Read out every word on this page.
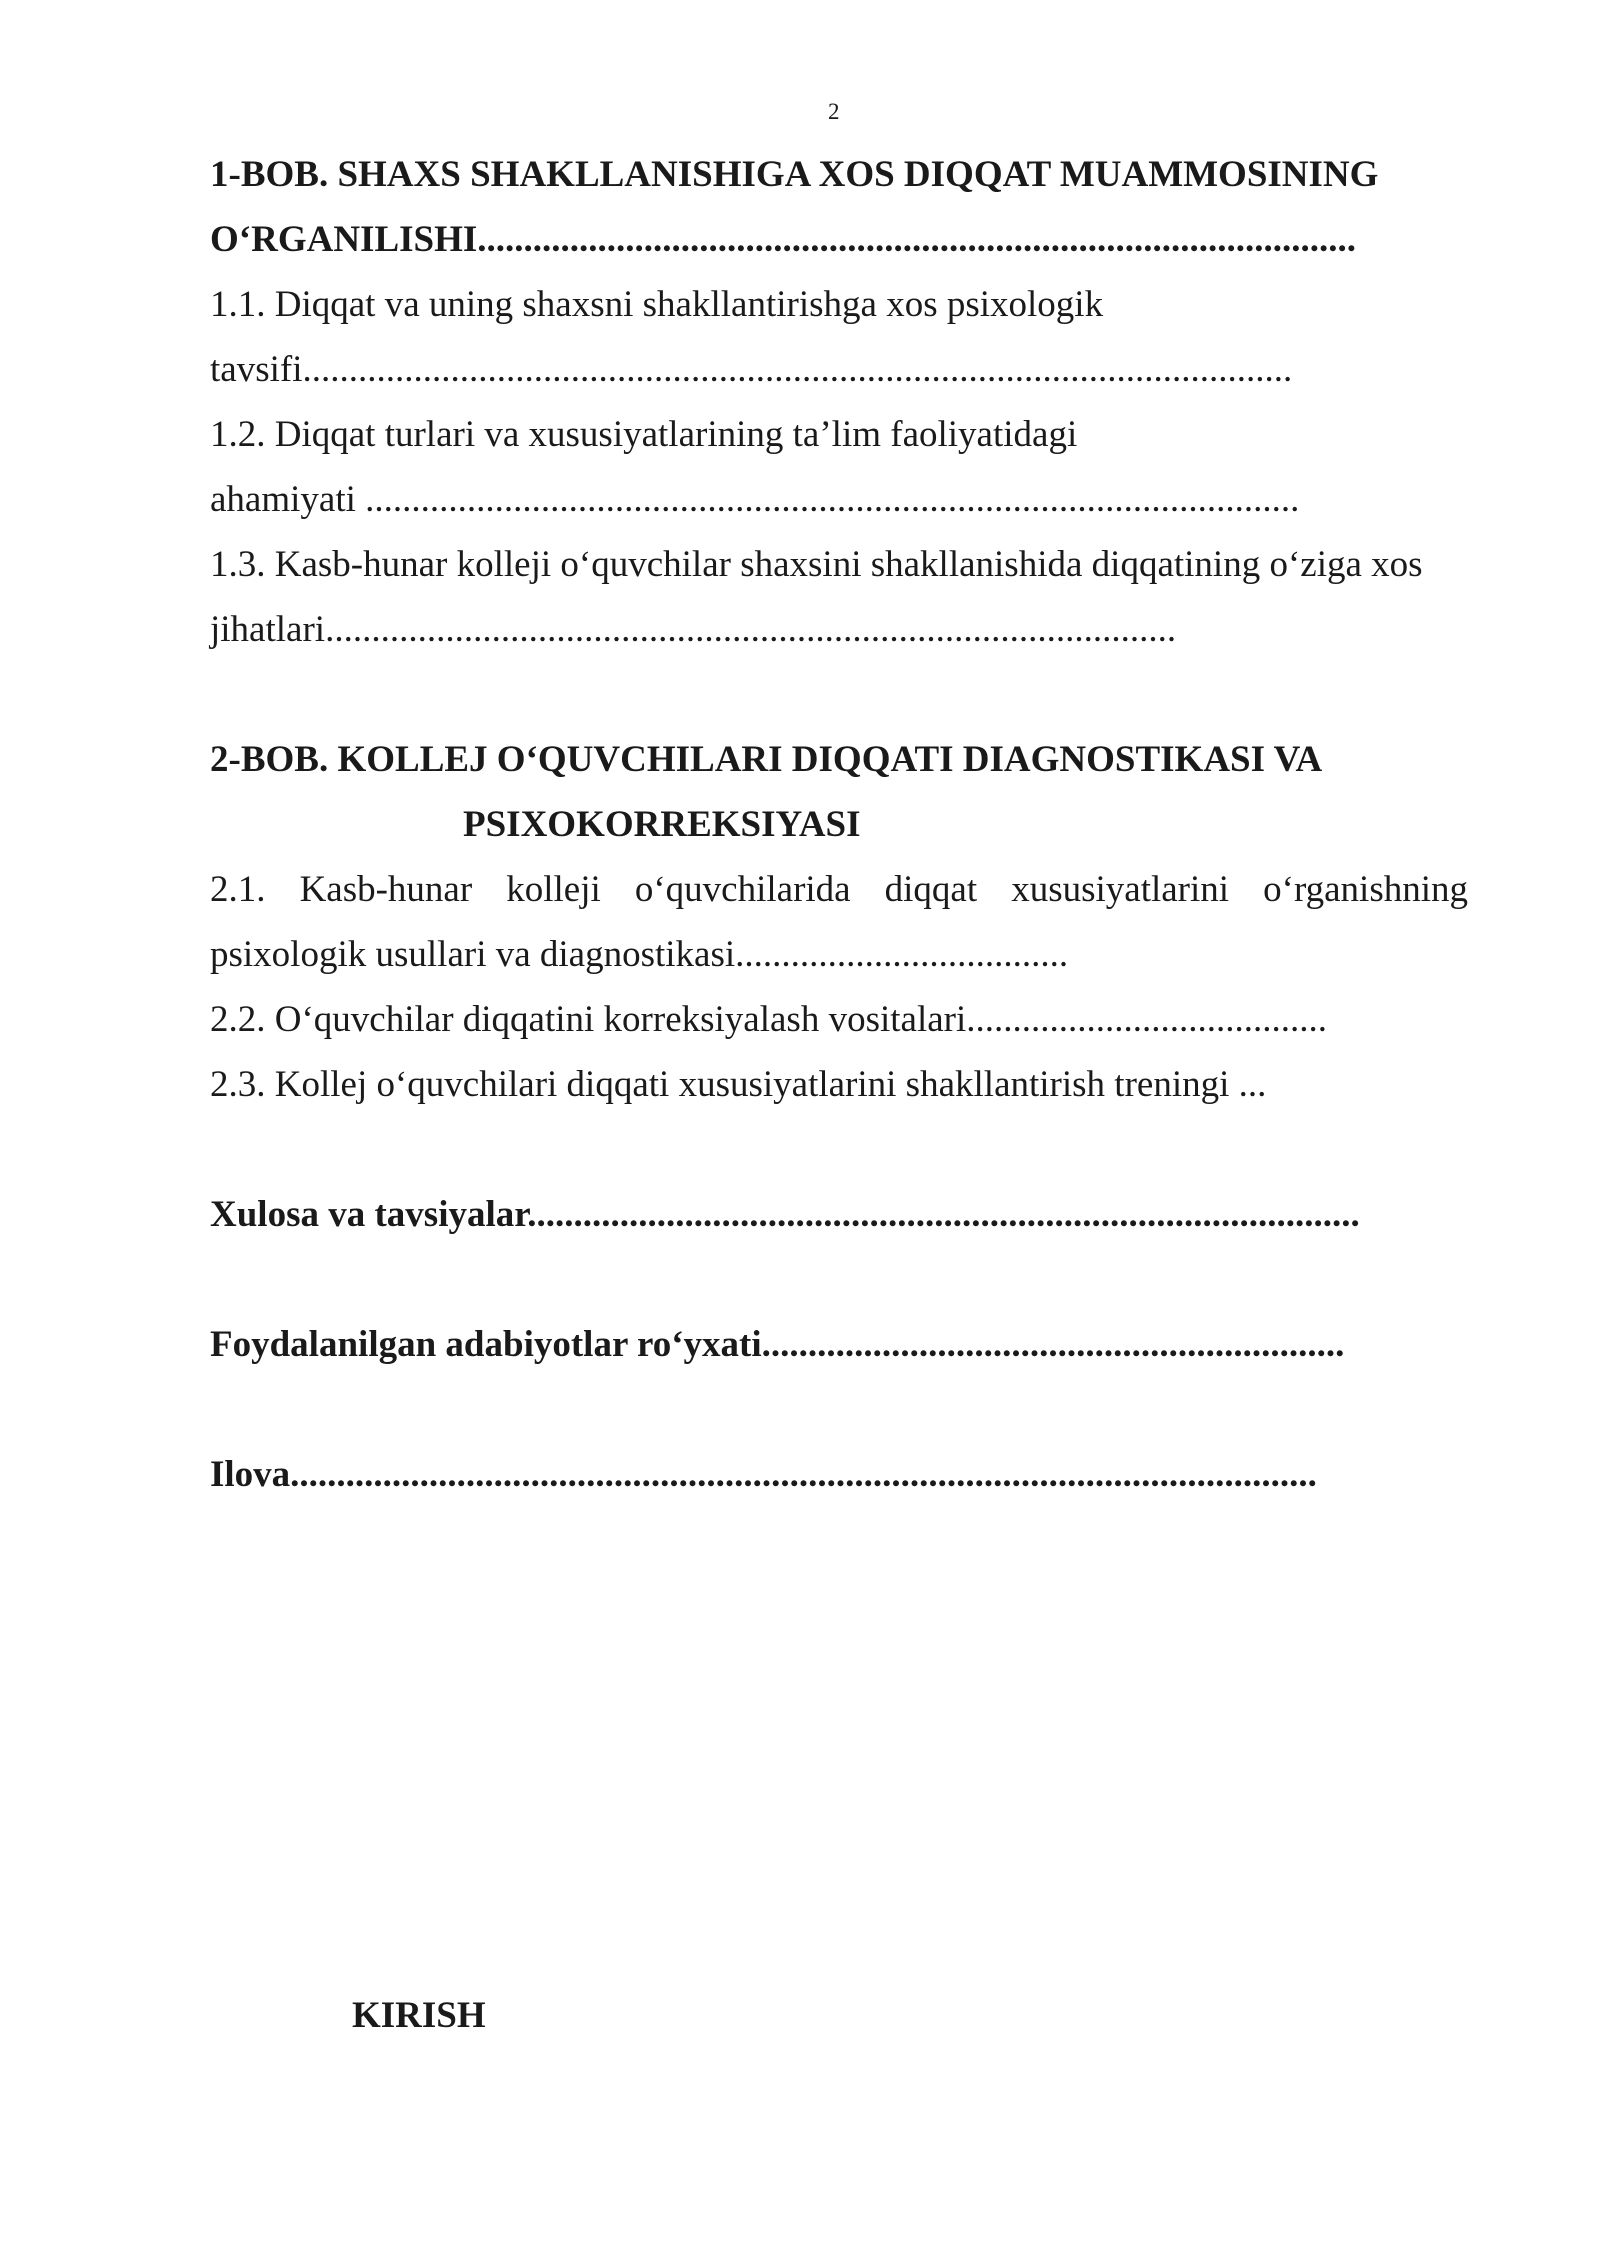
2
1-BOB. SHAXS SHAKLLANISHIGA XOS DIQQAT MUAMMOSINING
O‘RGANILISHI...............................................................................................
1.1. Diqqat va uning shaxsni shakllantirishga xos psixologik
tavsifi...........................................................................................................
1.2. Diqqat turlari va xususiyatlarining ta’lim faoliyatidagi
ahamiyati .....................................................................................................
1.3. Kasb-hunar kolleji o‘quvchilar shaxsini shakllanishida diqqatining o‘ziga xos
jihatlari............................................................................................
2-BOB. KOLLEJ O‘QUVCHILARI DIQQATI DIAGNOSTIKASI VA
PSIXOKORREKSIYASI
2.1. Kasb-hunar kolleji o‘quvchilarida diqqat xususiyatlarini o‘rganishning
psixologik usullari va diagnostikasi....................................
2.2. O‘quvchilar diqqatini korreksiyalash vositalari.......................................
2.3. Kollej o‘quvchilari diqqati xususiyatlarini shakllantirish treningi ...
Xulosa va tavsiyalar..........................................................................................
Foydalanilgan adabiyotlar ro‘yxati...............................................................
Ilova...............................................................................................................
KIRISH
